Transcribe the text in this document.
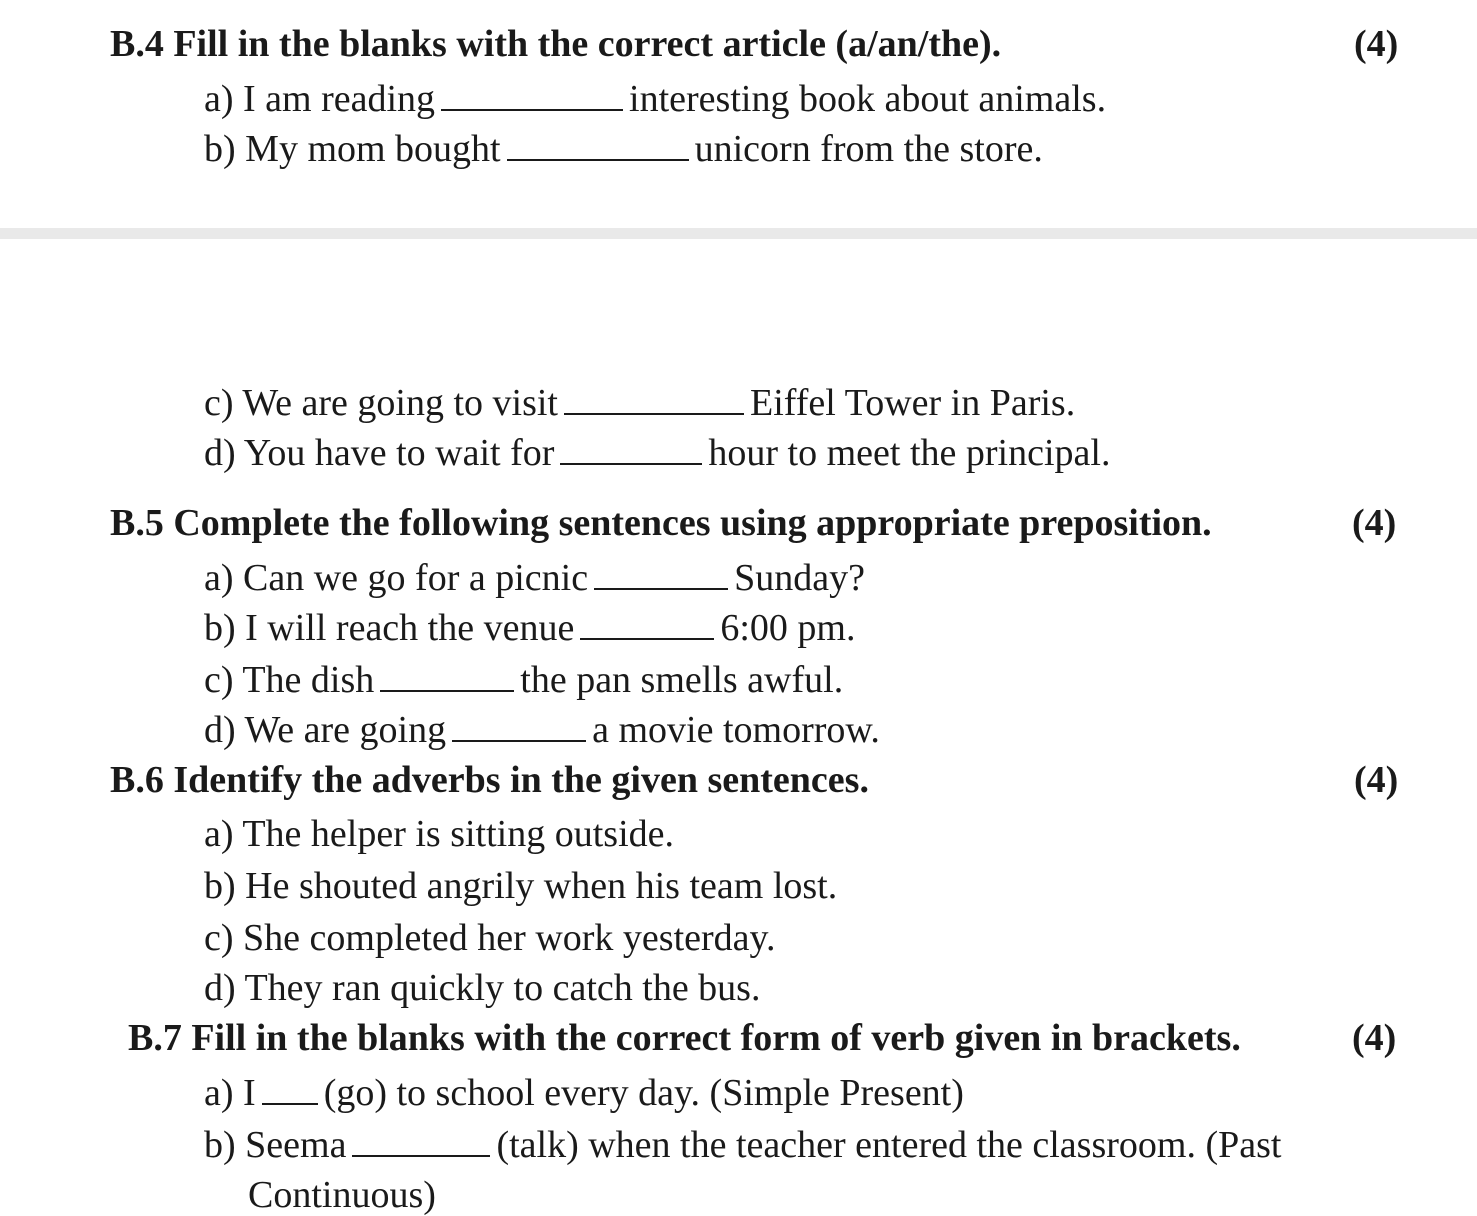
B.4 Fill in the blanks with the correct article (a/an/the).	(4)
a) I am reading	interesting book about animals.
b) My mom bought	unicorn from the store.
c) We are going to visit	Eiffel Tower in Paris.
d) You have to wait for	hour to meet the principal.
B.5 Complete the following sentences using appropriate preposition.	(4)
a) Can we go for a picnic	Sunday?
b) I will reach the venue	6:00 pm.
c) The dish	the pan smells awful.
d) We are going	a movie tomorrow.
B.6 Identify the adverbs in the given sentences.	(4)
a) The helper is sitting outside.
b) He shouted angrily when his team lost.
c) She completed her work yesterday.
d) They ran quickly to catch the bus.
B.7 Fill in the blanks with the correct form of verb given in brackets.	(4)
a) I (go) to school every day. (Simple Present)
b) Seema	(talk) when the teacher entered the classroom. (Past
Continuous)
